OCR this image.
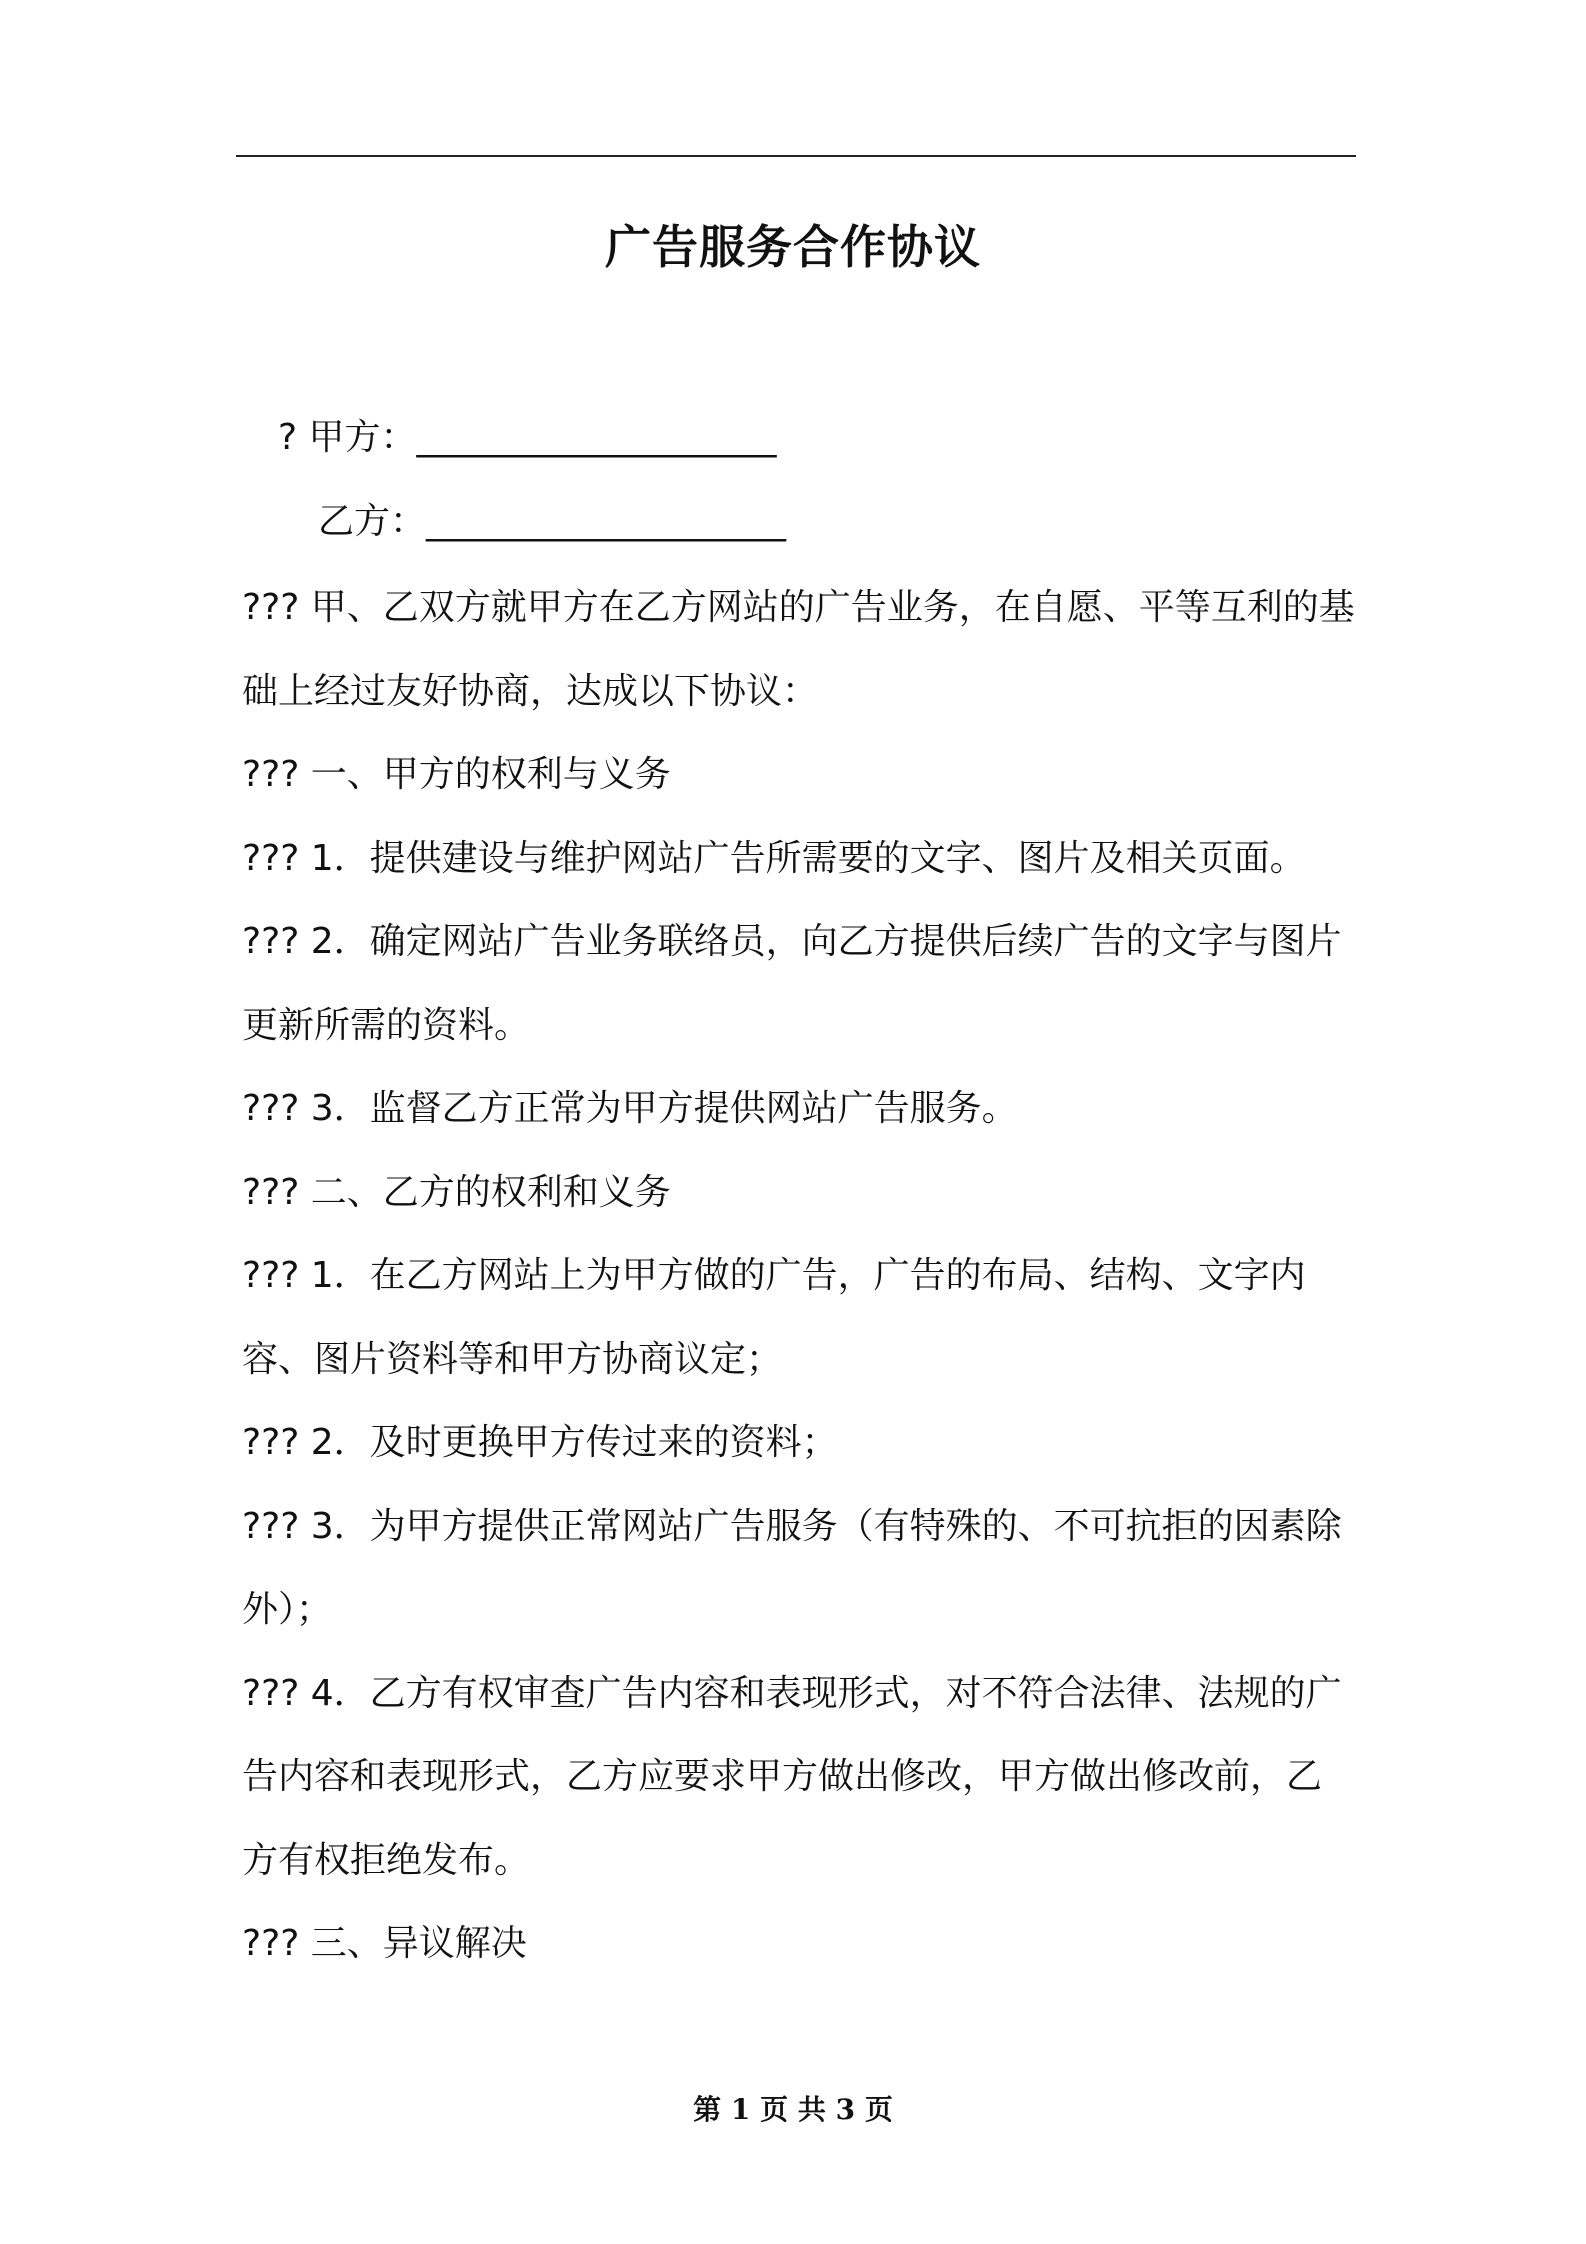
广告服务合作协议
? 甲方：____________________
乙方：____________________

??? 甲、乙双方就甲方在乙方网站的广告业务，在自愿、平等互利的基础上经过友好协商，达成以下协议：

??? 一、甲方的权利与义务

??? 1．提供建设与维护网站广告所需要的文字、图片及相关页面。

??? 2．确定网站广告业务联络员，向乙方提供后续广告的文字与图片更新所需的资料。

??? 3．监督乙方正常为甲方提供网站广告服务。

??? 二、乙方的权利和义务

??? 1．在乙方网站上为甲方做的广告，广告的布局、结构、文字内容、图片资料等和甲方协商议定；

??? 2．及时更换甲方传过来的资料；

??? 3．为甲方提供正常网站广告服务（有特殊的、不可抗拒的因素除外）；

??? 4．乙方有权审查广告内容和表现形式，对不符合法律、法规的广告内容和表现形式，乙方应要求甲方做出修改，甲方做出修改前，乙方有权拒绝发布。

??? 三、异议解决

第 1 页 共 3 页
